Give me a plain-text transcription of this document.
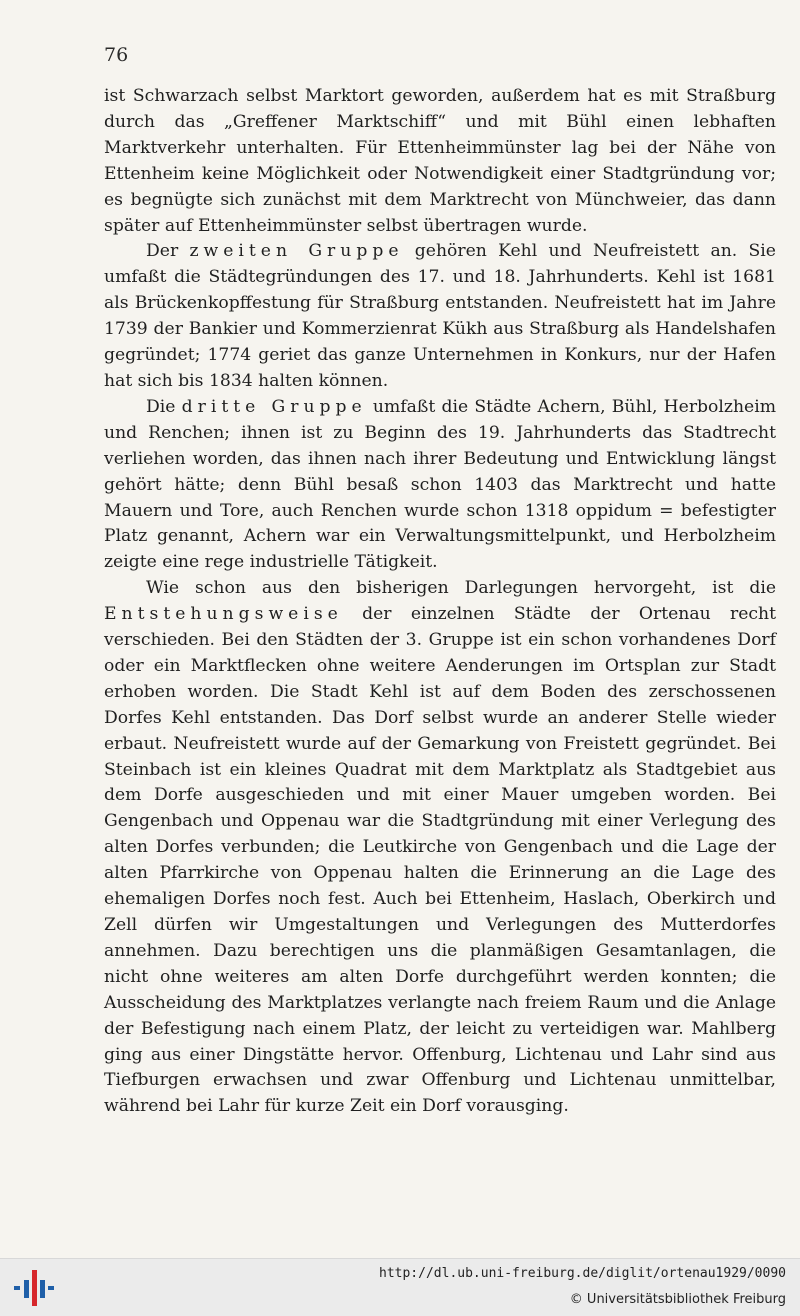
76

ist Schwarzach selbst Marktort geworden, außerdem hat es mit Straßburg durch das „Greffener Marktschiff“ und mit Bühl einen lebhaften Marktverkehr unterhalten. Für Ettenheimmünster lag bei der Nähe von Ettenheim keine Möglichkeit oder Notwendigkeit einer Stadtgründung vor; es begnügte sich zunächst mit dem Marktrecht von Münchweier, das dann später auf Ettenheimmünster selbst übertragen wurde.

Der zweiten Gruppe gehören Kehl und Neufreistett an. Sie umfaßt die Städtegründungen des 17. und 18. Jahrhunderts. Kehl ist 1681 als Brückenkopffestung für Straßburg entstanden. Neufreistett hat im Jahre 1739 der Bankier und Kommerzienrat Kükh aus Straßburg als Handelshafen gegründet; 1774 geriet das ganze Unternehmen in Konkurs, nur der Hafen hat sich bis 1834 halten können.

Die dritte Gruppe umfaßt die Städte Achern, Bühl, Herbolzheim und Renchen; ihnen ist zu Beginn des 19. Jahrhunderts das Stadtrecht verliehen worden, das ihnen nach ihrer Bedeutung und Entwicklung längst gehört hätte; denn Bühl besaß schon 1403 das Marktrecht und hatte Mauern und Tore, auch Renchen wurde schon 1318 oppidum = befestigter Platz genannt, Achern war ein Verwaltungsmittelpunkt, und Herbolzheim zeigte eine rege industrielle Tätigkeit.

Wie schon aus den bisherigen Darlegungen hervorgeht, ist die Entstehungsweise der einzelnen Städte der Ortenau recht verschieden. Bei den Städten der 3. Gruppe ist ein schon vorhandenes Dorf oder ein Marktflecken ohne weitere Aenderungen im Ortsplan zur Stadt erhoben worden. Die Stadt Kehl ist auf dem Boden des zerschossenen Dorfes Kehl entstanden. Das Dorf selbst wurde an anderer Stelle wieder erbaut. Neufreistett wurde auf der Gemarkung von Freistett gegründet. Bei Steinbach ist ein kleines Quadrat mit dem Marktplatz als Stadtgebiet aus dem Dorfe ausgeschieden und mit einer Mauer umgeben worden. Bei Gengenbach und Oppenau war die Stadtgründung mit einer Verlegung des alten Dorfes verbunden; die Leutkirche von Gengenbach und die Lage der alten Pfarrkirche von Oppenau halten die Erinnerung an die Lage des ehemaligen Dorfes noch fest. Auch bei Ettenheim, Haslach, Oberkirch und Zell dürfen wir Umgestaltungen und Verlegungen des Mutterdorfes annehmen. Dazu berechtigen uns die planmäßigen Gesamtanlagen, die nicht ohne weiteres am alten Dorfe durchgeführt werden konnten; die Ausscheidung des Marktplatzes verlangte nach freiem Raum und die Anlage der Befestigung nach einem Platz, der leicht zu verteidigen war. Mahlberg ging aus einer Dingstätte hervor. Offenburg, Lichtenau und Lahr sind aus Tiefburgen erwachsen und zwar Offenburg und Lichtenau unmittelbar, während bei Lahr für kurze Zeit ein Dorf vorausging.

http://dl.ub.uni-freiburg.de/diglit/ortenau1929/0090
© Universitätsbibliothek Freiburg
